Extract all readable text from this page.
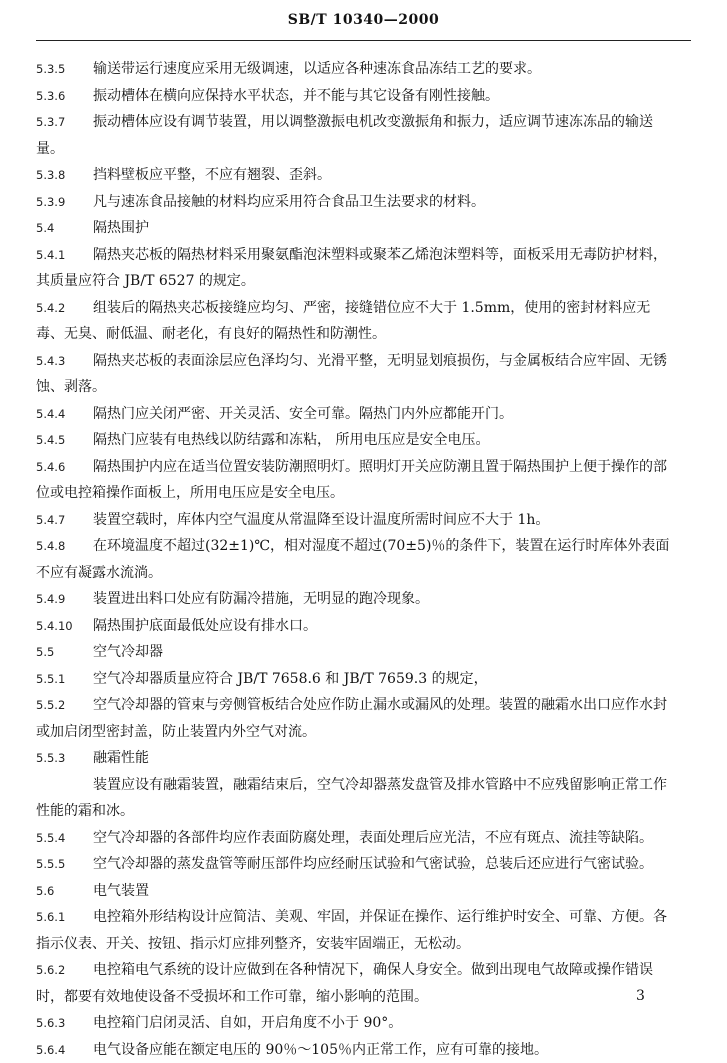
SB/T 10340—2000
5.3.5	输送带运行速度应采用无级调速，以适应各种速冻食品冻结工艺的要求。
5.3.6	振动槽体在横向应保持水平状态，并不能与其它设备有刚性接触。
5.3.7	振动槽体应设有调节装置，用以调整激振电机改变激振角和振力，适应调节速冻冻品的输送量。
5.3.8	挡料壁板应平整，不应有翘裂、歪斜。
5.3.9	凡与速冻食品接触的材料均应采用符合食品卫生法要求的材料。
5.4	隔热围护
5.4.1	隔热夹芯板的隔热材料采用聚氨酯泡沫塑料或聚苯乙烯泡沫塑料等，面板采用无毒防护材料，其质量应符合 JB/T 6527 的规定。
5.4.2	组装后的隔热夹芯板接缝应均匀、严密，接缝错位应不大于 1.5mm，使用的密封材料应无毒、无臭、耐低温、耐老化，有良好的隔热性和防潮性。
5.4.3	隔热夹芯板的表面涂层应色泽均匀、光滑平整，无明显划痕损伤，与金属板结合应牢固、无锈蚀、剥落。
5.4.4	隔热门应关闭严密、开关灵活、安全可靠。隔热门内外应都能开门。
5.4.5	隔热门应装有电热线以防结露和冻粘， 所用电压应是安全电压。
5.4.6	隔热围护内应在适当位置安装防潮照明灯。照明灯开关应防潮且置于隔热围护上便于操作的部位或电控箱操作面板上，所用电压应是安全电压。
5.4.7	装置空载时，库体内空气温度从常温降至设计温度所需时间应不大于 1h。
5.4.8	在环境温度不超过(32±1)℃，相对湿度不超过(70±5)％的条件下，装置在运行时库体外表面不应有凝露水流淌。
5.4.9	装置进出料口处应有防漏冷措施，无明显的跑冷现象。
5.4.10	隔热围护底面最低处应设有排水口。
5.5	空气冷却器
5.5.1	空气冷却器质量应符合 JB/T 7658.6 和 JB/T 7659.3 的规定，
5.5.2	空气冷却器的管束与旁侧管板结合处应作防止漏水或漏风的处理。装置的融霜水出口应作水封或加启闭型密封盖，防止装置内外空气对流。
5.5.3	融霜性能
装置应设有融霜装置，融霜结束后，空气冷却器蒸发盘管及排水管路中不应残留影响正常工作性能的霜和冰。
5.5.4	空气冷却器的各部件均应作表面防腐处理，表面处理后应光洁，不应有斑点、流挂等缺陷。
5.5.5	空气冷却器的蒸发盘管等耐压部件均应经耐压试验和气密试验，总装后还应进行气密试验。
5.6	电气装置
5.6.1	电控箱外形结构设计应简洁、美观、牢固，并保证在操作、运行维护时安全、可靠、方便。各指示仪表、开关、按钮、指示灯应排列整齐，安装牢固端正，无松动。
5.6.2	电控箱电气系统的设计应做到在各种情况下，确保人身安全。做到出现电气故障或操作错误时，都要有效地使设备不受损坏和工作可靠，缩小影响的范围。
5.6.3	电控箱门启闭灵活、自如，开启角度不小于 90°。
5.6.4	电气设备应能在额定电压的 90％～105％内正常工作，应有可靠的接地。
3
